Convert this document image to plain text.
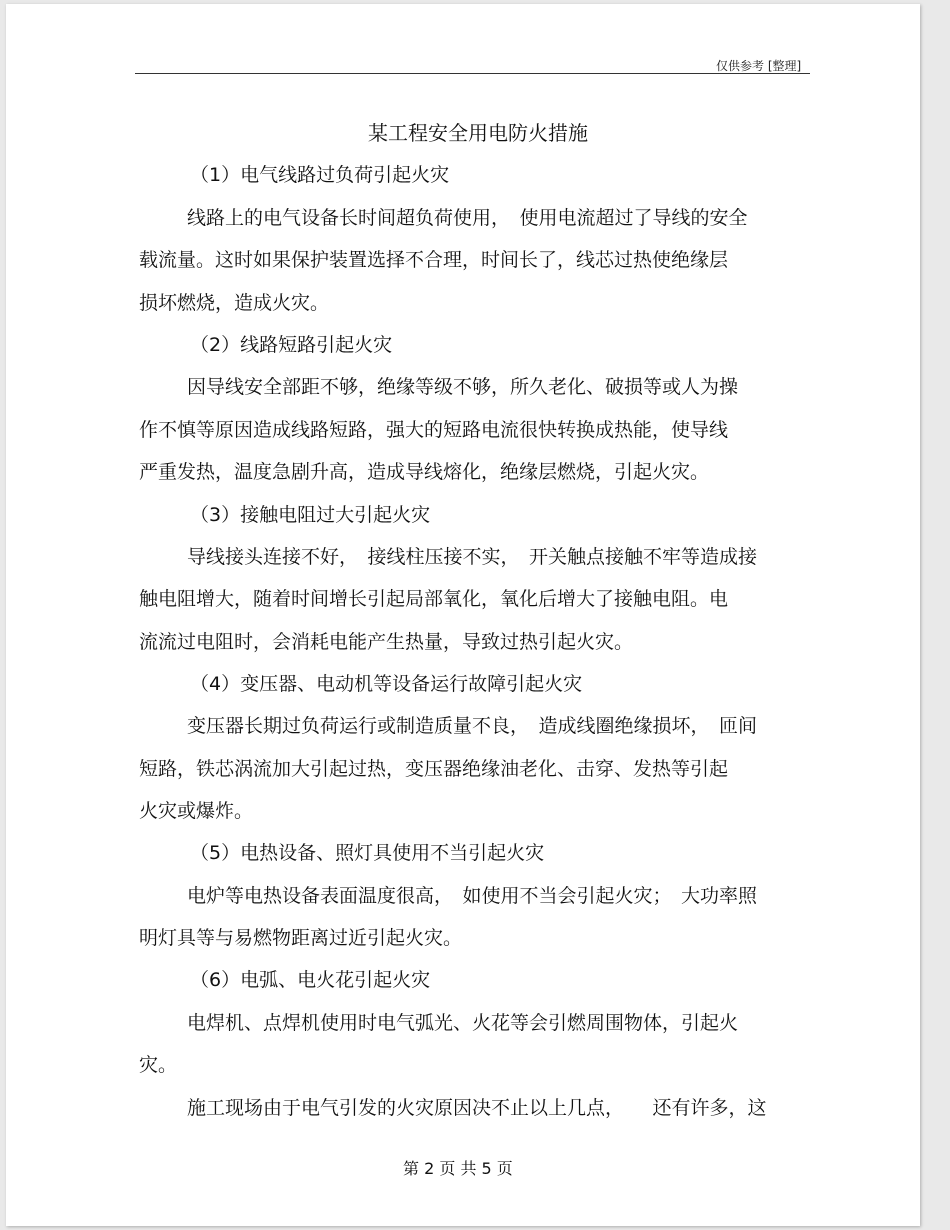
仅供参考 [整理]
某工程安全用电防火措施
（1）电气线路过负荷引起火灾
线路上的电气设备长时间超负荷使用，　使用电流超过了导线的安全
载流量。这时如果保护装置选择不合理，时间长了，线芯过热使绝缘层
损坏燃烧，造成火灾。
（2）线路短路引起火灾
因导线安全部距不够，绝缘等级不够，所久老化、破损等或人为操
作不慎等原因造成线路短路，强大的短路电流很快转换成热能，使导线
严重发热，温度急剧升高，造成导线熔化，绝缘层燃烧，引起火灾。
（3）接触电阻过大引起火灾
导线接头连接不好，　接线柱压接不实，　开关触点接触不牢等造成接
触电阻增大，随着时间增长引起局部氧化，氧化后增大了接触电阻。电
流流过电阻时，会消耗电能产生热量，导致过热引起火灾。
（4）变压器、电动机等设备运行故障引起火灾
变压器长期过负荷运行或制造质量不良，　造成线圈绝缘损坏，　匝间
短路，铁芯涡流加大引起过热，变压器绝缘油老化、击穿、发热等引起
火灾或爆炸。
（5）电热设备、照灯具使用不当引起火灾
电炉等电热设备表面温度很高，　如使用不当会引起火灾；　大功率照
明灯具等与易燃物距离过近引起火灾。
（6）电弧、电火花引起火灾
电焊机、点焊机使用时电气弧光、火花等会引燃周围物体，引起火
灾。
施工现场由于电气引发的火灾原因决不止以上几点，　　还有许多，这
第 2 页 共 5 页
